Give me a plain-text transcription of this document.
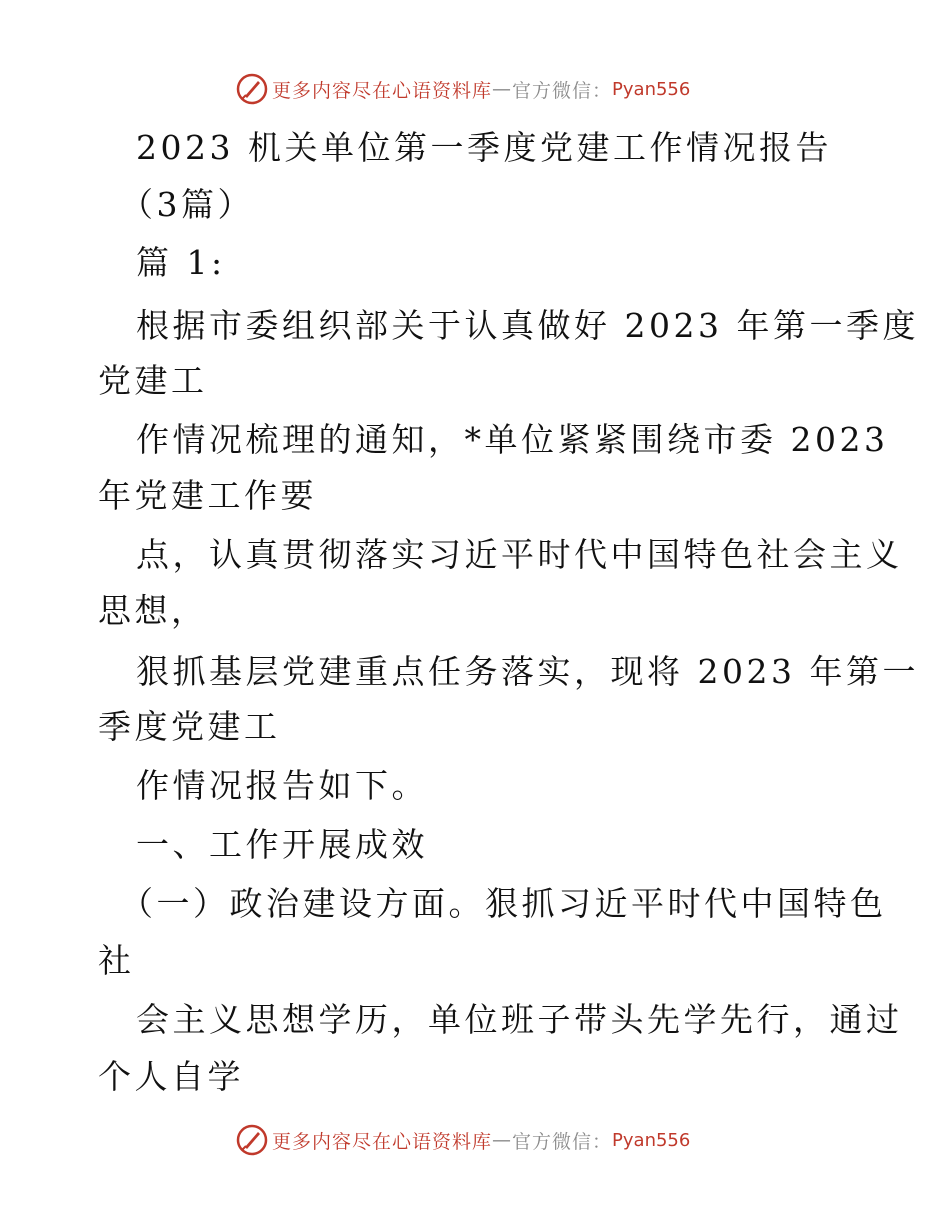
更多内容尽在心语资料库 — 官方微信： Pyan556
2023 机关单位第一季度党建工作情况报告
（3篇）
篇 1:
根据市委组织部关于认真做好 2023 年第一季度
党建工
作情况梳理的通知，*单位紧紧围绕市委 2023
年党建工作要
点，认真贯彻落实习近平时代中国特色社会主义
思想，
狠抓基层党建重点任务落实，现将 2023 年第一
季度党建工
作情况报告如下。
一、工作开展成效
（一）政治建设方面。狠抓习近平时代中国特色
社
会主义思想学历，单位班子带头先学先行，通过
个人自学
更多内容尽在心语资料库 — 官方微信： Pyan556
